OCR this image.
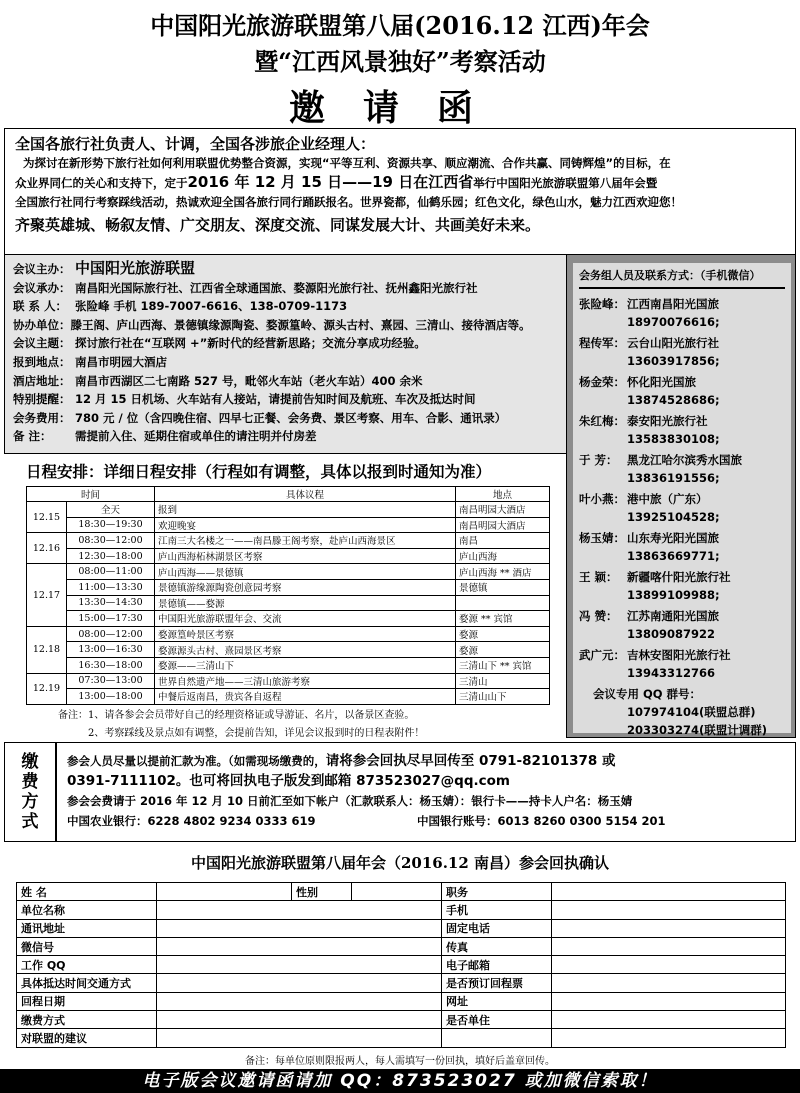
中国阳光旅游联盟第八届(2016.12 江西)年会
暨“江西风景独好”考察活动
邀请函
全国各旅行社负责人、计调，全国各涉旅企业经理人：
为探讨在新形势下旅行社如何利用联盟优势整合资源，实现“平等互利、资源共享、顺应潮流、合作共赢、同铸辉煌”的目标，在
众业界同仁的关心和支持下，定于2016 年 12 月 15 日——19 日在江西省举行中国阳光旅游联盟第八届年会暨
全国旅行社同行考察踩线活动，热诚欢迎全国各旅行同行踊跃报名。世界瓷都，仙鹤乐园；红色文化，绿色山水，魅力江西欢迎您！
齐聚英雄城、畅叙友情、广交朋友、深度交流、同谋发展大计、共画美好未来。
会议主办： 中国阳光旅游联盟
会议承办： 南昌阳光国际旅行社、江西省全球通国旅、婺源阳光旅行社、抚州鑫阳光旅行社
联 系 人： 张险峰 手机 189-7007-6616、138-0709-1173
协办单位：滕王阁、庐山西海、景德镇缘源陶瓷、婺源篁岭、源头古村、熹园、三清山、接待酒店等。
会议主题： 探讨旅行社在“互联网 +”新时代的经营新思路；交流分享成功经验。
报到地点： 南昌市明园大酒店
酒店地址： 南昌市西湖区二七南路 527 号，毗邻火车站（老火车站）400 余米
特别提醒： 12 月 15 日机场、火车站有人接站，请提前告知时间及航班、车次及抵达时间
会务费用： 780 元 / 位（含四晚住宿、四早七正餐、会务费、景区考察、用车、合影、通讯录）
备 注： 需提前入住、延期住宿或单住的请注明并付房差
会务组人员及联系方式：（手机微信）
张险峰： 江西南昌阳光国旅
18970076616;
程传军： 云台山阳光旅行社
13603917856;
杨金荣： 怀化阳光国旅
13874528686;
朱红梅： 泰安阳光旅行社
13583830108;
于 芳： 黑龙江哈尔滨秀水国旅
13836191556;
叶小燕： 港中旅（广东）
13925104528;
杨玉婧： 山东寿光阳光国旅
13863669771;
王 颖： 新疆喀什阳光旅行社
13899109988;
冯 赞： 江苏南通阳光国旅
13809087922
武广元： 吉林安图阳光旅行社
13943312766
会议专用 QQ 群号：
107974104(联盟总群)
203303274(联盟计调群)
日程安排：详细日程安排（行程如有调整，具体以报到时通知为准）
时间		具体议程	地点
12.15	全天	报到	南昌明园大酒店
	18:30—19:30	欢迎晚宴	南昌明园大酒店
12.16	08:30—12:00	江南三大名楼之一——南昌滕王阁考察，赴庐山西海景区	南昌
	12:30—18:00	庐山西海柘林湖景区考察	庐山西海
12.17	08:00—11:00	庐山西海——景德镇	庐山西海 ** 酒店
	11:00—13:30	景德镇游缘源陶瓷创意园考察	景德镇
	13:30—14:30	景德镇——婺源	
	15:00—17:30	中国阳光旅游联盟年会、交流	婺源 ** 宾馆
12.18	08:00—12:00	婺源篁岭景区考察	婺源
	13:00—16:30	婺源源头古村、熹园景区考察	婺源
	16:30—18:00	婺源——三清山下	三清山下 ** 宾馆
12.19	07:30—13:00	世界自然遗产地——三清山旅游考察	三清山
	13:00—18:00	中餐后返南昌，贵宾各自返程	三清山山下
备注：1、请各参会会员带好自己的经理资格证或导游证、名片，以备景区查验。
2、考察踩线及景点如有调整，会提前告知，详见会议报到时的日程表附件！
缴
费
方
式
参会人员尽量以提前汇款为准。（如需现场缴费的，请将参会回执尽早回传至 0791-82101378 或
0391-7111102。也可将回执电子版发到邮箱 873523027@qq.com
参会会费请于 2016 年 12 月 10 日前汇至如下帐户（汇款联系人：杨玉婧）：银行卡——持卡人户名：杨玉婧
中国农业银行：6228 4802 9234 0333 619	中国银行账号：6013 8260 0300 5154 201
中国阳光旅游联盟第八届年会（2016.12 南昌）参会回执确认
姓 名		性别		职务	
单位名称				手机	
通讯地址				固定电话	
微信号				传真	
工作 QQ				电子邮箱	
具体抵达时间交通方式				是否预订回程票	
回程日期				网址	
缴费方式				是否单住	
对联盟的建议					
备注：每单位原则限报两人，每人需填写一份回执，填好后盖章回传。
电子版会议邀请函请加 QQ：873523027 或加微信索取！
